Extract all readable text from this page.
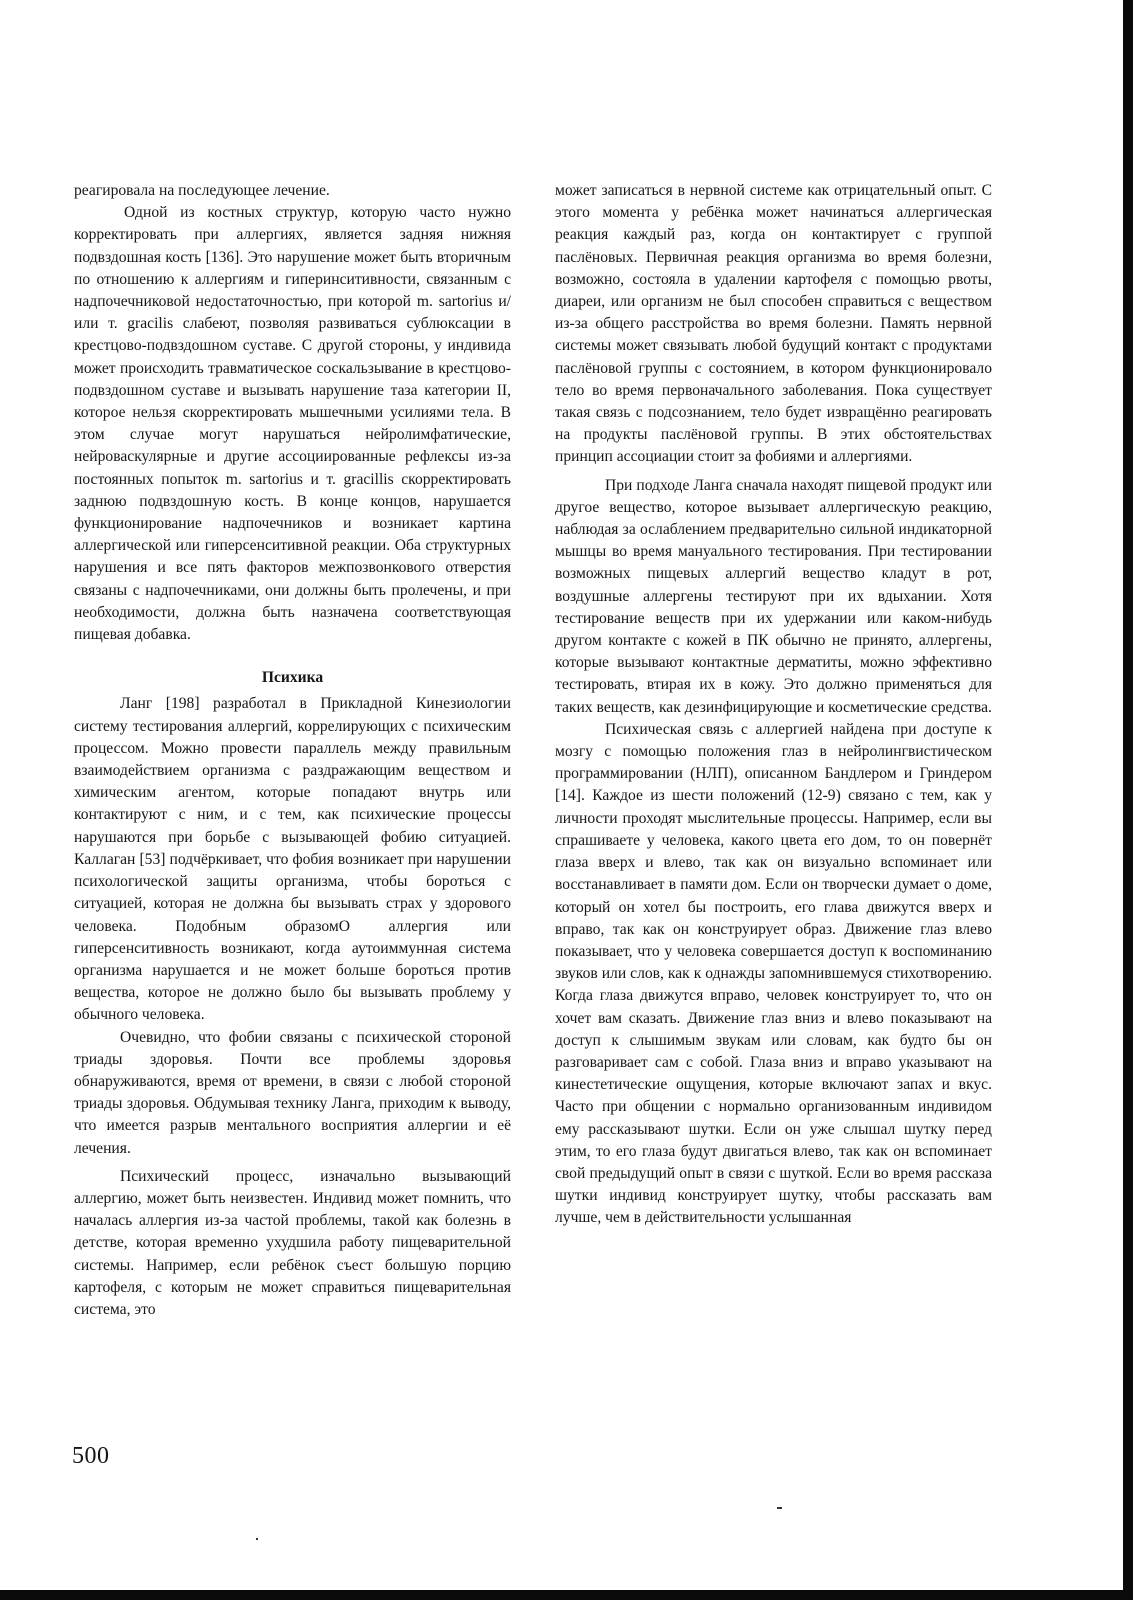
реагировала на последующее лечение.

Одной из костных структур, которую часто нужно корректировать при аллергиях, является задняя нижняя подвздошная кость [136]. Это нарушение может быть вторичным по отношению к аллергиям и гиперинситивности, связанным с надпочечниковой недостаточностью, при которой m. sartorius и/или т. gracilis слабеют, позволяя развиваться сублюксации в крестцово-подвздошном суставе. С другой стороны, у индивида может происходить травматическое соскальзывание в крестцово-подвздошном суставе и вызывать нарушение таза категории II, которое нельзя скорректировать мышечными усилиями тела. В этом случае могут нарушаться нейролимфатические, нейроваскулярные и другие ассоциированные рефлексы из-за постоянных попыток m. sartorius и т. gracillis скорректировать заднюю подвздошную кость. В конце концов, нарушается функционирование надпочечников и возникает картина аллергической или гиперсенситивной реакции. Оба структурных нарушения и все пять факторов межпозвонкового отверстия связаны с надпочечниками, они должны быть пролечены, и при необходимости, должна быть назначена соответствующая пищевая добавка.

Психика

Ланг [198] разработал в Прикладной Кинезиологии систему тестирования аллергий, коррелирующих с психическим процессом. Можно провести параллель между правильным взаимодействием организма с раздражающим веществом и химическим агентом, которые попадают внутрь или контактируют с ним, и с тем, как психические процессы нарушаются при борьбе с вызывающей фобию ситуацией. Каллаган [53] подчёркивает, что фобия возникает при нарушении психологической защиты организма, чтобы бороться с ситуацией, которая не должна бы вызывать страх у здорового человека. Подобным образомО аллергия или гиперсенситивность возникают, когда аутоиммунная система организма нарушается и не может больше бороться против вещества, которое не должно было бы вызывать проблему у обычного человека.

Очевидно, что фобии связаны с психической стороной триады здоровья. Почти все проблемы здоровья обнаруживаются, время от времени, в связи с любой стороной триады здоровья. Обдумывая технику Ланга, приходим к выводу, что имеется разрыв ментального восприятия аллергии и её лечения.

Психический процесс, изначально вызывающий аллергию, может быть неизвестен. Индивид может помнить, что началась аллергия из-за частой проблемы, такой как болезнь в детстве, которая временно ухудшила работу пищеварительной системы. Например, если ребёнок съест большую порцию картофеля, с которым не может справиться пищеварительная система, это

может записаться в нервной системе как отрицательный опыт. С этого момента у ребёнка может начинаться аллергическая реакция каждый раз, когда он контактирует с группой паслёновых. Первичная реакция организма во время болезни, возможно, состояла в удалении картофеля с помощью рвоты, диареи, или организм не был способен справиться с веществом из-за общего расстройства во время болезни. Память нервной системы может связывать любой будущий контакт с продуктами паслёновой группы с состоянием, в котором функционировало тело во время первоначального заболевания. Пока существует такая связь с подсознанием, тело будет извращённо реагировать на продукты паслёновой группы. В этих обстоятельствах принцип ассоциации стоит за фобиями и аллергиями.

При подходе Ланга сначала находят пищевой продукт или другое вещество, которое вызывает аллергическую реакцию, наблюдая за ослаблением предварительно сильной индикаторной мышцы во время мануального тестирования. При тестировании возможных пищевых аллергий вещество кладут в рот, воздушные аллергены тестируют при их вдыхании. Хотя тестирование веществ при их удержании или каком-нибудь другом контакте с кожей в ПК обычно не принято, аллергены, которые вызывают контактные дерматиты, можно эффективно тестировать, втирая их в кожу. Это должно применяться для таких веществ, как дезинфицирующие и косметические средства.

Психическая связь с аллергией найдена при доступе к мозгу с помощью положения глаз в нейролингвистическом программировании (НЛП), описанном Бандлером и Гриндером [14]. Каждое из шести положений (12-9) связано с тем, как у личности проходят мыслительные процессы. Например, если вы спрашиваете у человека, какого цвета его дом, то он повернёт глаза вверх и влево, так как он визуально вспоминает или восстанавливает в памяти дом. Если он творчески думает о доме, который он хотел бы построить, его глава движутся вверх и вправо, так как он конструирует образ. Движение глаз влево показывает, что у человека совершается доступ к воспоминанию звуков или слов, как к однажды запомнившемуся стихотворению. Когда глаза движутся вправо, человек конструирует то, что он хочет вам сказать. Движение глаз вниз и влево показывают на доступ к слышимым звукам или словам, как будто бы он разговаривает сам с собой. Глаза вниз и вправо указывают на кинестетические ощущения, которые включают запах и вкус. Часто при общении с нормально организованным индивидом ему рассказывают шутки. Если он уже слышал шутку перед этим, то его глаза будут двигаться влево, так как он вспоминает свой предыдущий опыт в связи с шуткой. Если во время рассказа шутки индивид конструирует шутку, чтобы рассказать вам лучше, чем в действительности услышанная

500
